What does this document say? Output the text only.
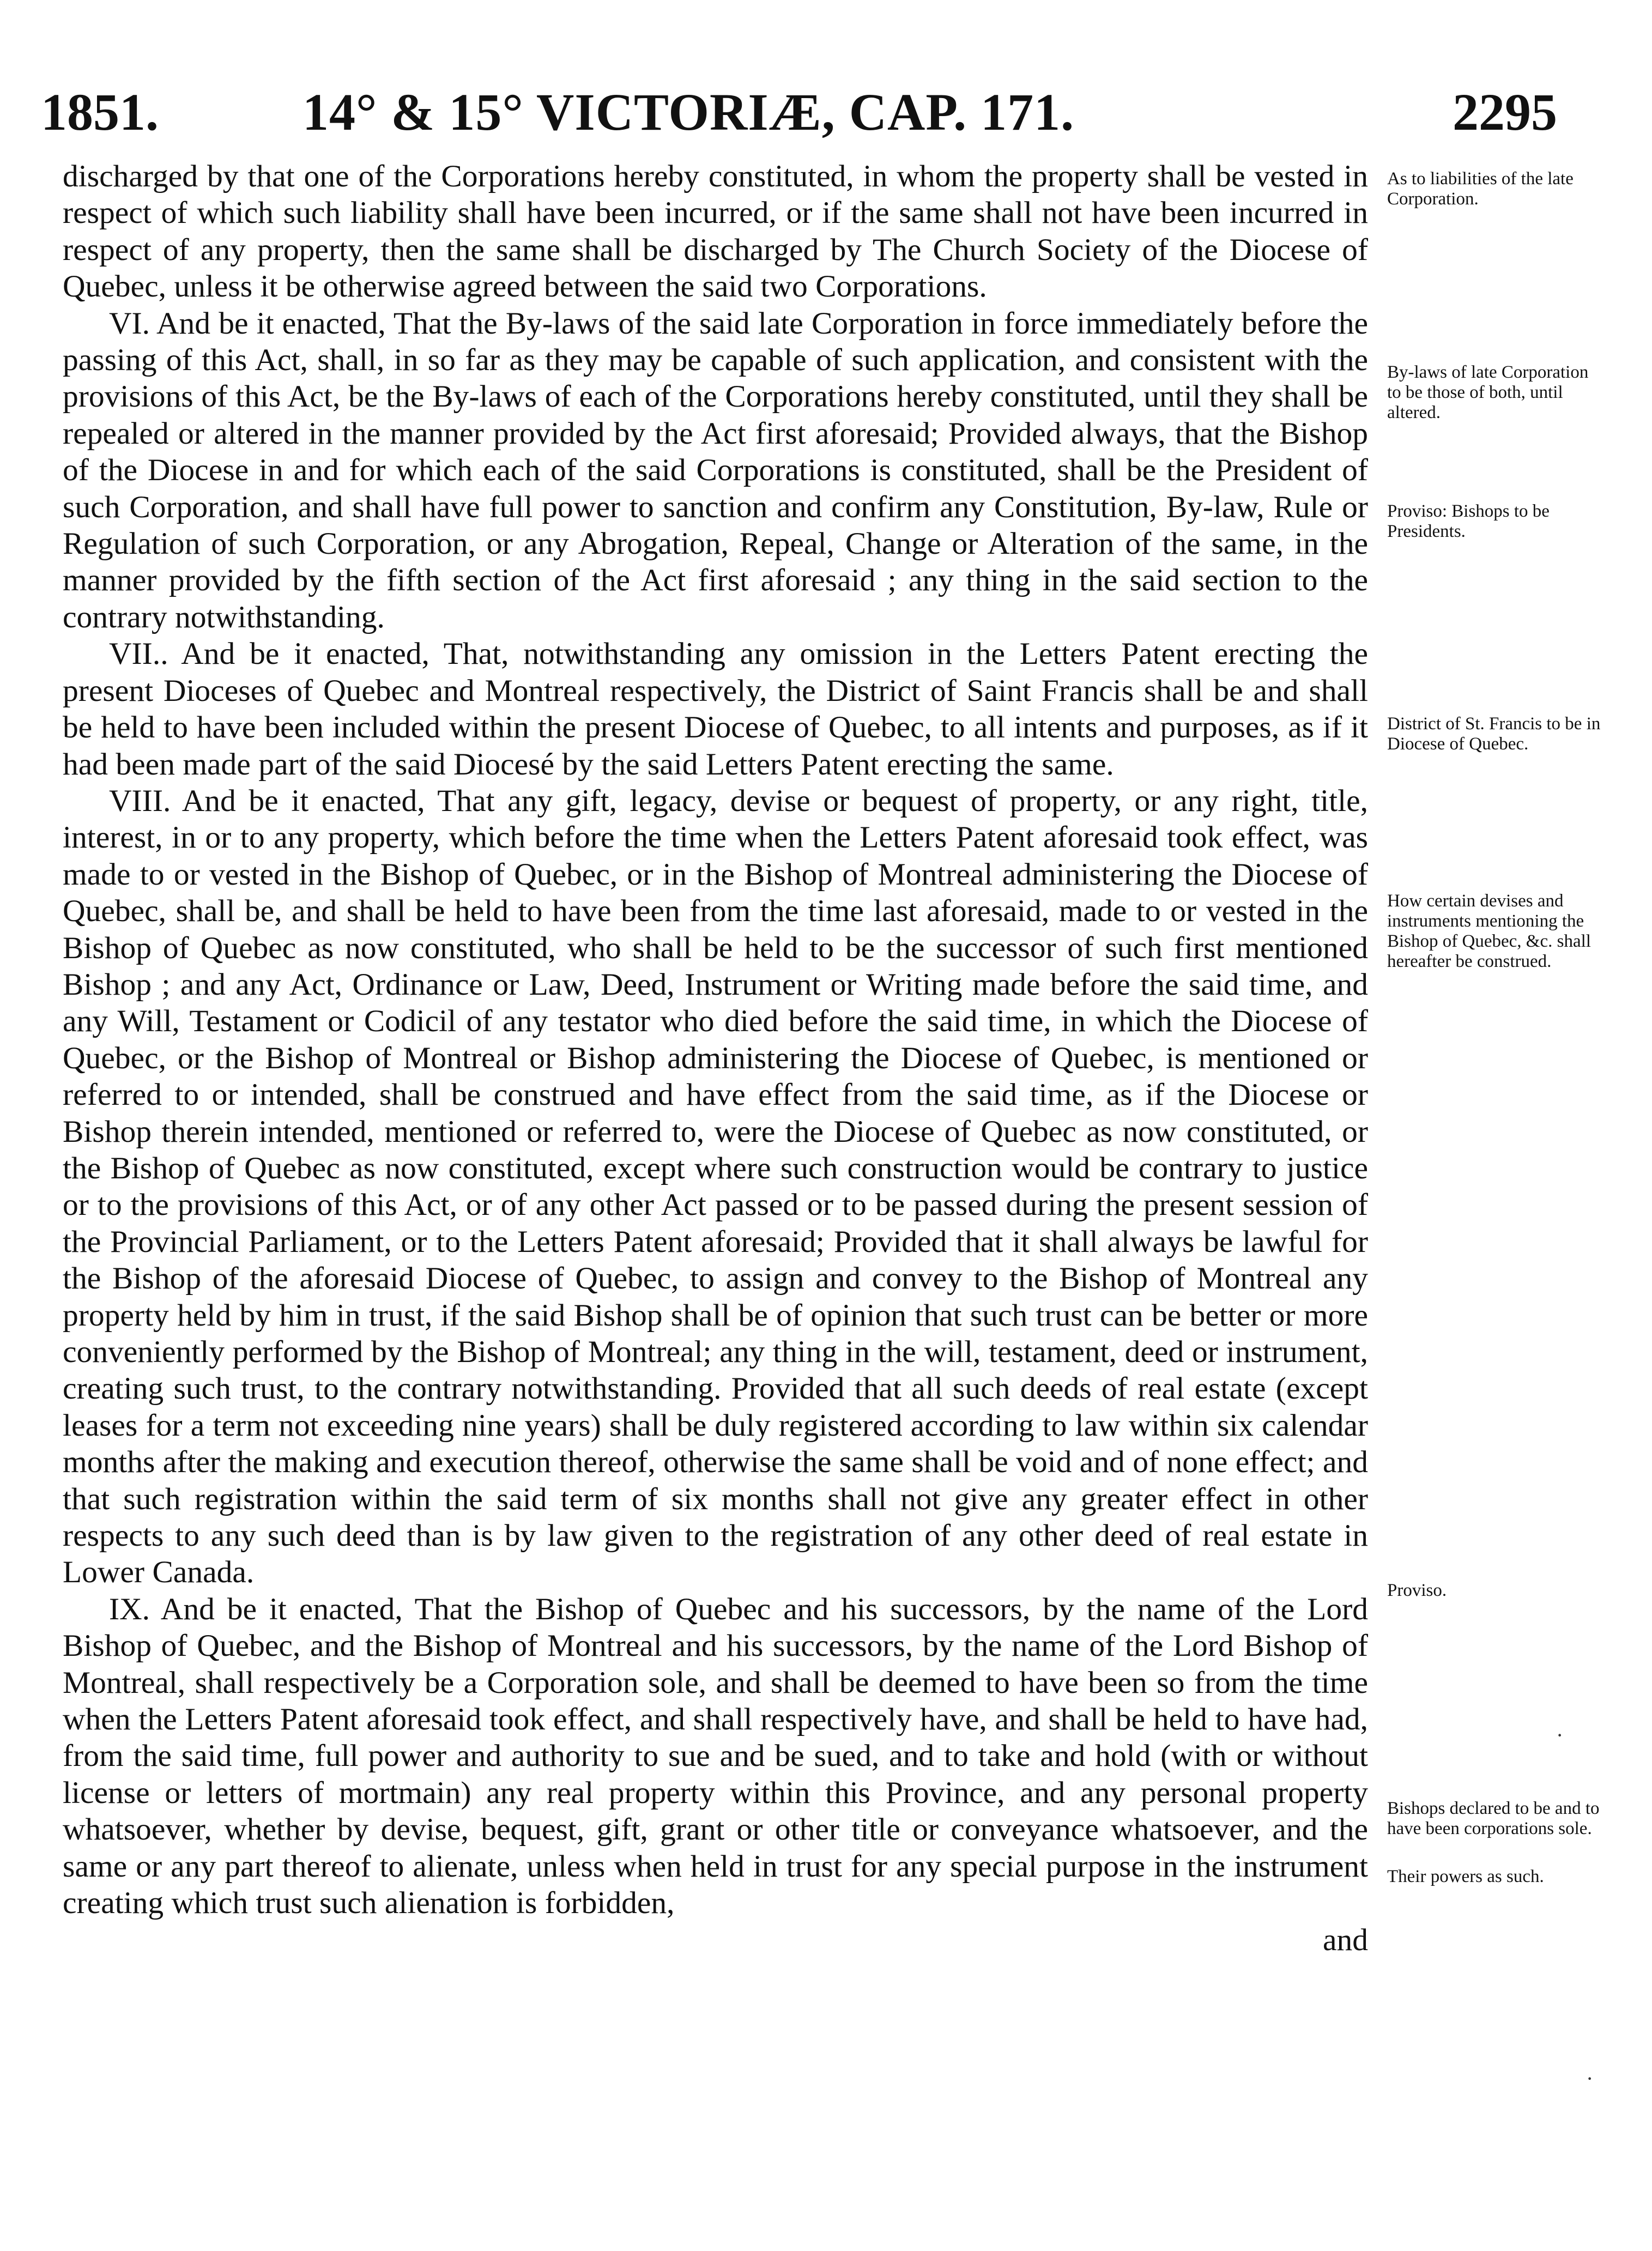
1851.	14° & 15° VICTORIÆ, CAP. 171.	2295

discharged by that one of the Corporations hereby constituted, in whom the property shall be vested in respect of which such liability shall have been incurred, or if the same shall not have been incurred in respect of any property, then the same shall be discharged by The Church Society of the Diocese of Quebec, unless it be otherwise agreed between the said two Corporations.

VI. And be it enacted, That the By-laws of the said late Corporation in force immediately before the passing of this Act, shall, in so far as they may be capable of such application, and consistent with the provisions of this Act, be the By-laws of each of the Corporations hereby constituted, until they shall be repealed or altered in the manner provided by the Act first aforesaid; Provided always, that the Bishop of the Diocese in and for which each of the said Corporations is constituted, shall be the President of such Corporation, and shall have full power to sanction and confirm any Constitution, By-law, Rule or Regulation of such Corporation, or any Abrogation, Repeal, Change or Alteration of the same, in the manner provided by the fifth section of the Act first aforesaid ; any thing in the said section to the contrary notwithstanding.

VII.. And be it enacted, That, notwithstanding any omission in the Letters Patent erecting the present Dioceses of Quebec and Montreal respectively, the District of Saint Francis shall be and shall be held to have been included within the present Diocese of Quebec, to all intents and purposes, as if it had been made part of the said Diocesé by the said Letters Patent erecting the same.

VIII. And be it enacted, That any gift, legacy, devise or bequest of property, or any right, title, interest, in or to any property, which before the time when the Letters Patent aforesaid took effect, was made to or vested in the Bishop of Quebec, or in the Bishop of Montreal administering the Diocese of Quebec, shall be, and shall be held to have been from the time last aforesaid, made to or vested in the Bishop of Quebec as now constituted, who shall be held to be the successor of such first mentioned Bishop ; and any Act, Ordinance or Law, Deed, Instrument or Writing made before the said time, and any Will, Testament or Codicil of any testator who died before the said time, in which the Diocese of Quebec, or the Bishop of Montreal or Bishop administering the Diocese of Quebec, is mentioned or referred to or intended, shall be construed and have effect from the said time, as if the Diocese or Bishop therein intended, mentioned or referred to, were the Diocese of Quebec as now constituted, or the Bishop of Quebec as now constituted, except where such construction would be contrary to justice or to the provisions of this Act, or of any other Act passed or to be passed during the present session of the Provincial Parliament, or to the Letters Patent aforesaid; Provided that it shall always be lawful for the Bishop of the aforesaid Diocese of Quebec, to assign and convey to the Bishop of Montreal any property held by him in trust, if the said Bishop shall be of opinion that such trust can be better or more conveniently performed by the Bishop of Montreal; any thing in the will, testament, deed or instrument, creating such trust, to the contrary notwithstanding. Provided that all such deeds of real estate (except leases for a term not exceeding nine years) shall be duly registered according to law within six calendar months after the making and execution thereof, otherwise the same shall be void and of none effect; and that such registration within the said term of six months shall not give any greater effect in other respects to any such deed than is by law given to the registration of any other deed of real estate in Lower Canada.

IX. And be it enacted, That the Bishop of Quebec and his successors, by the name of the Lord Bishop of Quebec, and the Bishop of Montreal and his successors, by the name of the Lord Bishop of Montreal, shall respectively be a Corporation sole, and shall be deemed to have been so from the time when the Letters Patent aforesaid took effect, and shall respectively have, and shall be held to have had, from the said time, full power and authority to sue and be sued, and to take and hold (with or without license or letters of mortmain) any real property within this Province, and any personal property whatsoever, whether by devise, bequest, gift, grant or other title or conveyance whatsoever, and the same or any part thereof to alienate, unless when held in trust for any special purpose in the instrument creating which trust such alienation is forbidden,

and

As to liabilities of the late Corporation.

By-laws of late Corporation to be those of both, until altered.

Proviso: Bishops to be Presidents.

District of St. Francis to be in Diocese of Quebec.

How certain devises and instruments mentioning the Bishop of Quebec, &c. shall hereafter be construed.

Proviso.

Bishops declared to be and to have been corporations sole.

Their powers as such.

·
·
